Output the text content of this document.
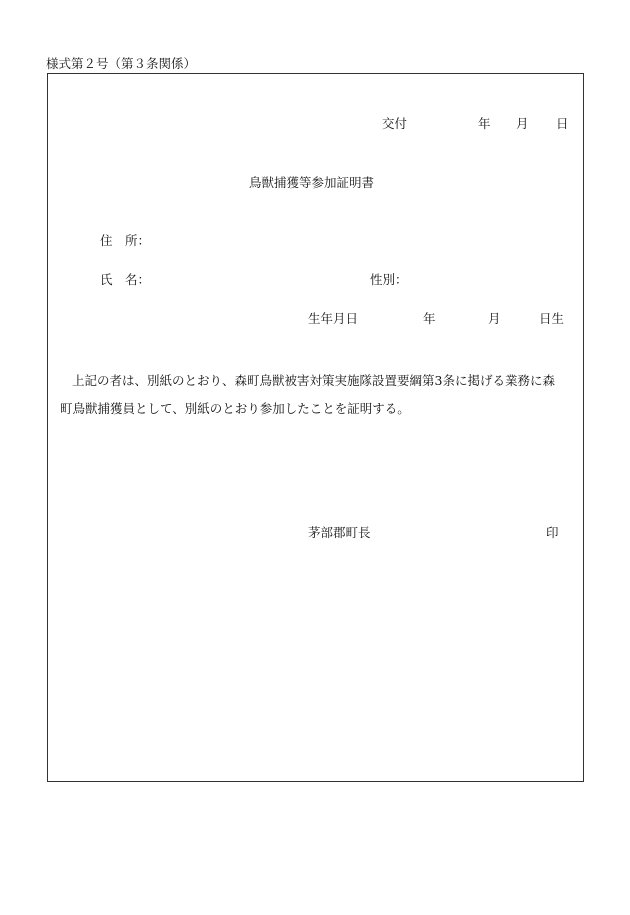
様式第２号（第３条関係）
交付	年 月 日
鳥獣捕獲等参加証明書
住　所：
氏　名：	性別：
生年月日	年	月	日生
上記の者は、別紙のとおり、森町鳥獣被害対策実施隊設置要綱第3条に掲げる業務に森
町鳥獣捕獲員として、別紙のとおり参加したことを証明する。
茅部郡町長	印
